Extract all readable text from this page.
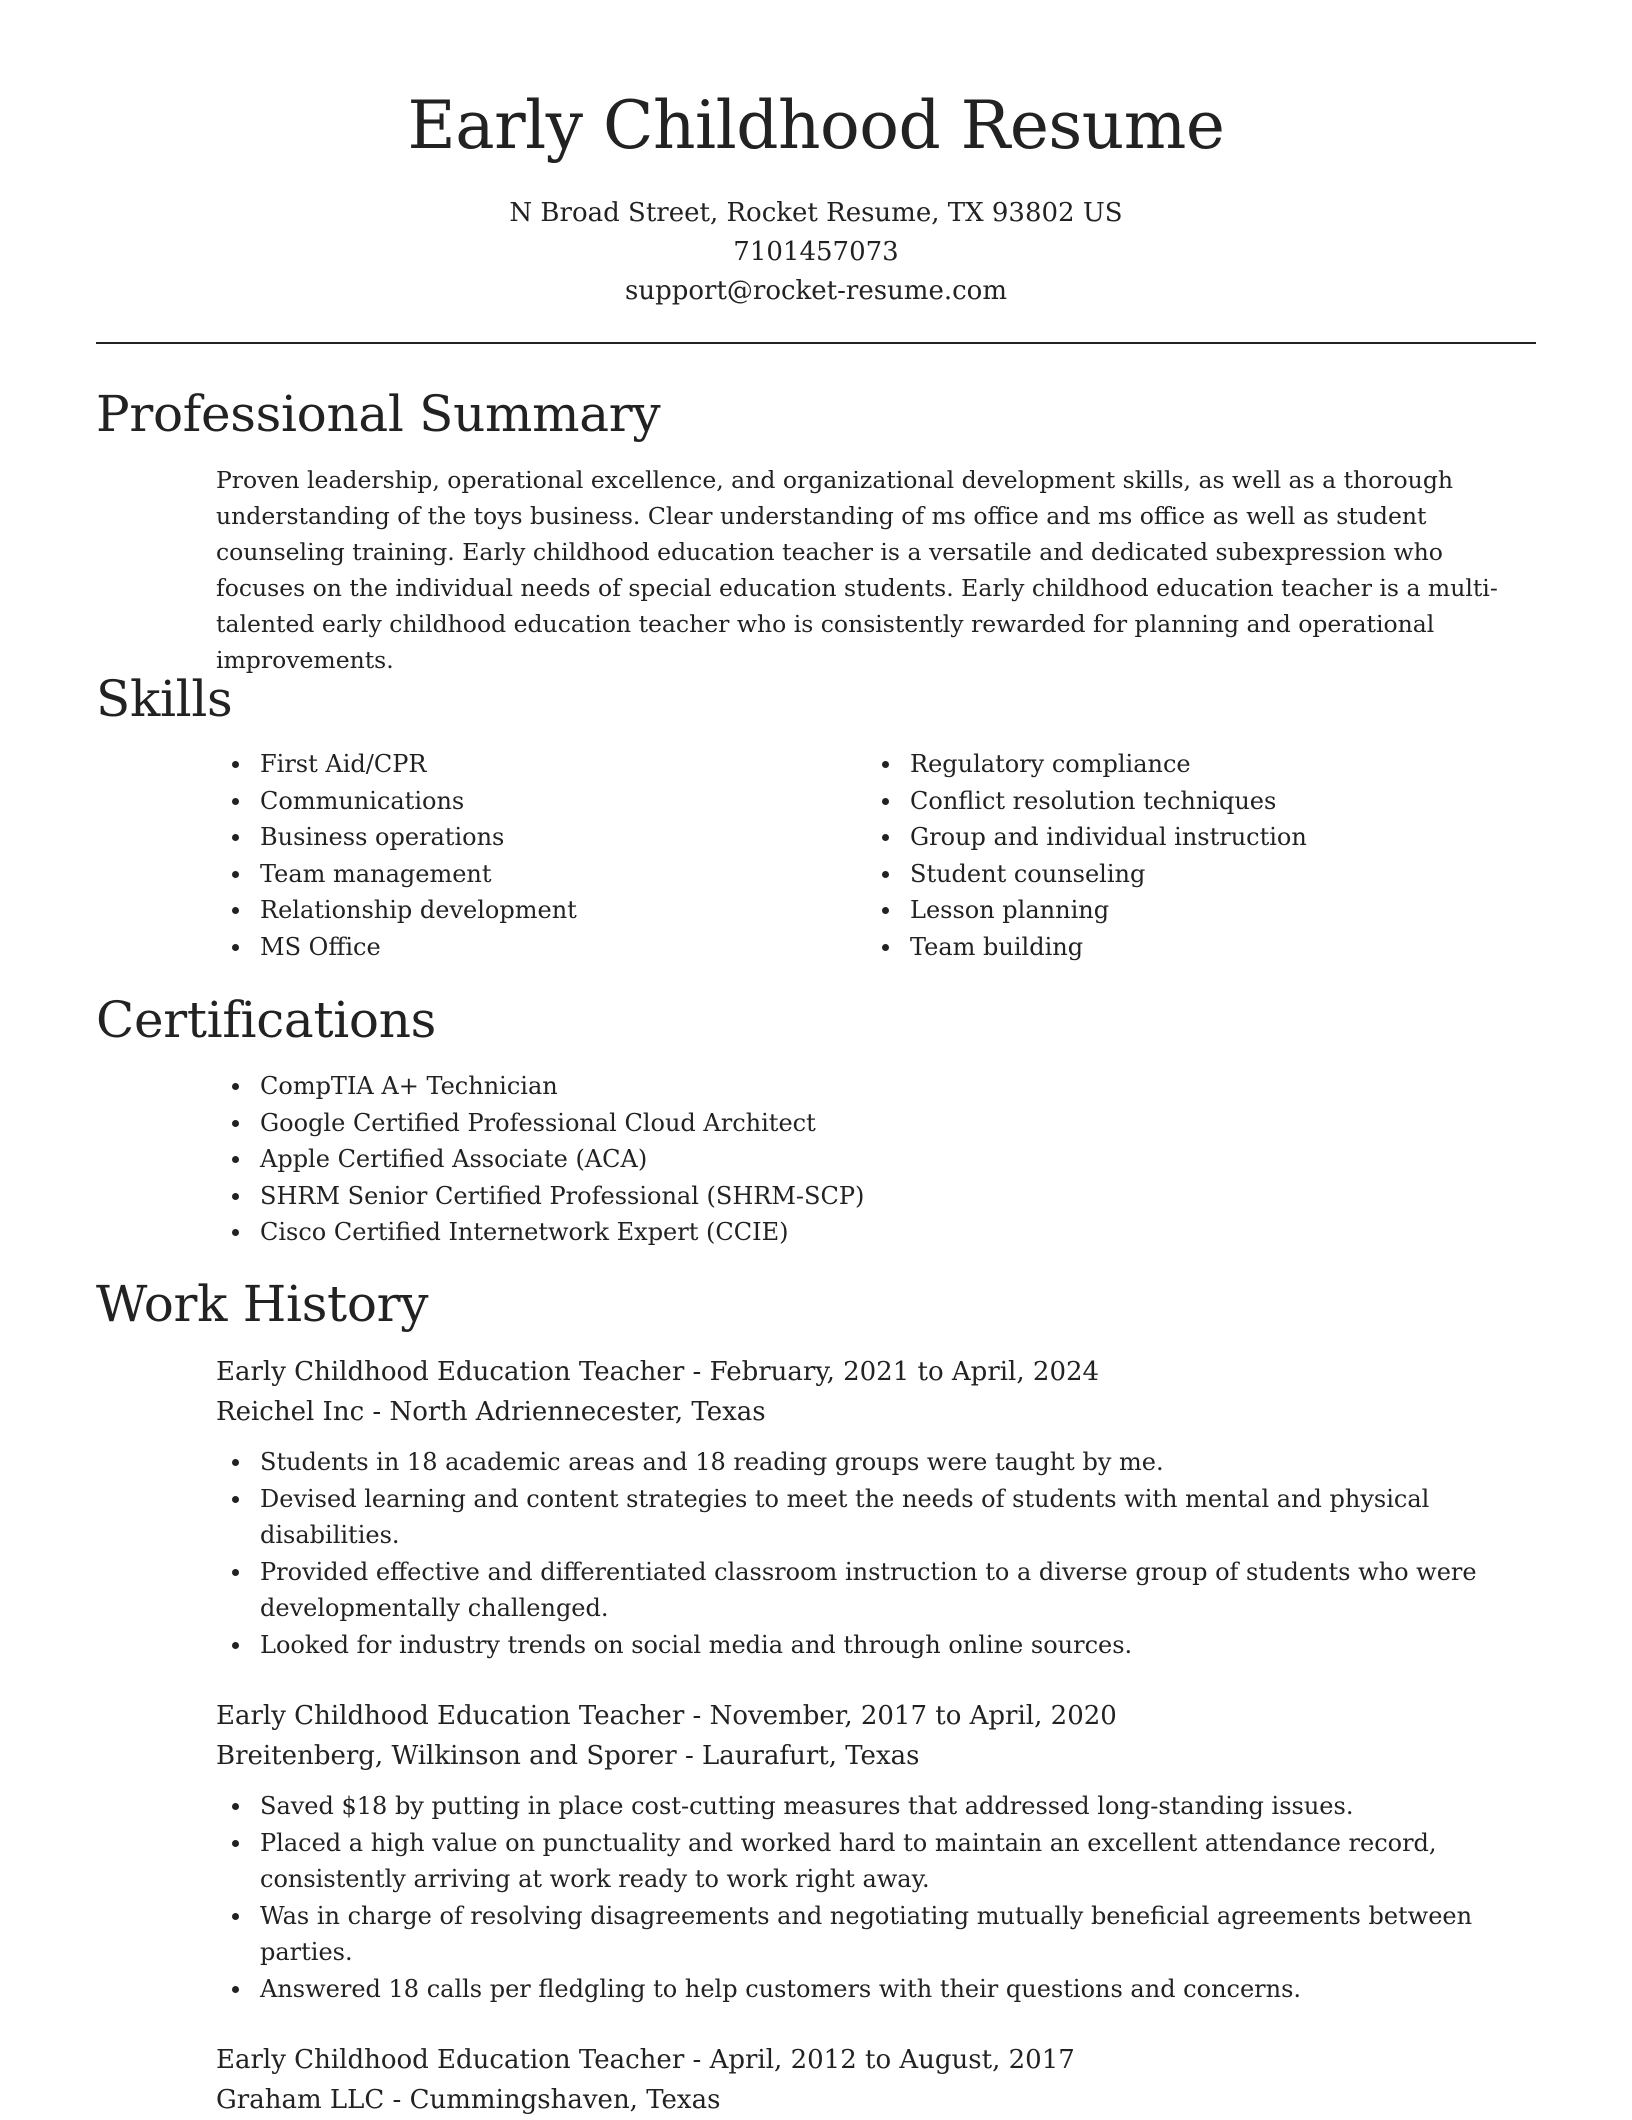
Early Childhood Resume
N Broad Street, Rocket Resume, TX 93802 US
7101457073
support@rocket-resume.com
Professional Summary

Proven leadership, operational excellence, and organizational development skills, as well as a thorough understanding of the toys business. Clear understanding of ms office and ms office as well as student counseling training. Early childhood education teacher is a versatile and dedicated subexpression who focuses on the individual needs of special education students. Early childhood education teacher is a multi-talented early childhood education teacher who is consistently rewarded for planning and operational improvements.

Skills
First Aid/CPR
Communications
Business operations
Team management
Relationship development
MS Office
Regulatory compliance
Conflict resolution techniques
Group and individual instruction
Student counseling
Lesson planning
Team building
Certifications
CompTIA A+ Technician
Google Certified Professional Cloud Architect
Apple Certified Associate (ACA)
SHRM Senior Certified Professional (SHRM-SCP)
Cisco Certified Internetwork Expert (CCIE)
Work History
Early Childhood Education Teacher - February, 2021 to April, 2024
Reichel Inc - North Adriennecester, Texas
Students in 18 academic areas and 18 reading groups were taught by me.
Devised learning and content strategies to meet the needs of students with mental and physical disabilities.
Provided effective and differentiated classroom instruction to a diverse group of students who were developmentally challenged.
Looked for industry trends on social media and through online sources.
Early Childhood Education Teacher - November, 2017 to April, 2020
Breitenberg, Wilkinson and Sporer - Laurafurt, Texas
Saved $18 by putting in place cost-cutting measures that addressed long-standing issues.
Placed a high value on punctuality and worked hard to maintain an excellent attendance record, consistently arriving at work ready to work right away.
Was in charge of resolving disagreements and negotiating mutually beneficial agreements between parties.
Answered 18 calls per fledgling to help customers with their questions and concerns.
Early Childhood Education Teacher - April, 2012 to August, 2017
Graham LLC - Cummingshaven, Texas
